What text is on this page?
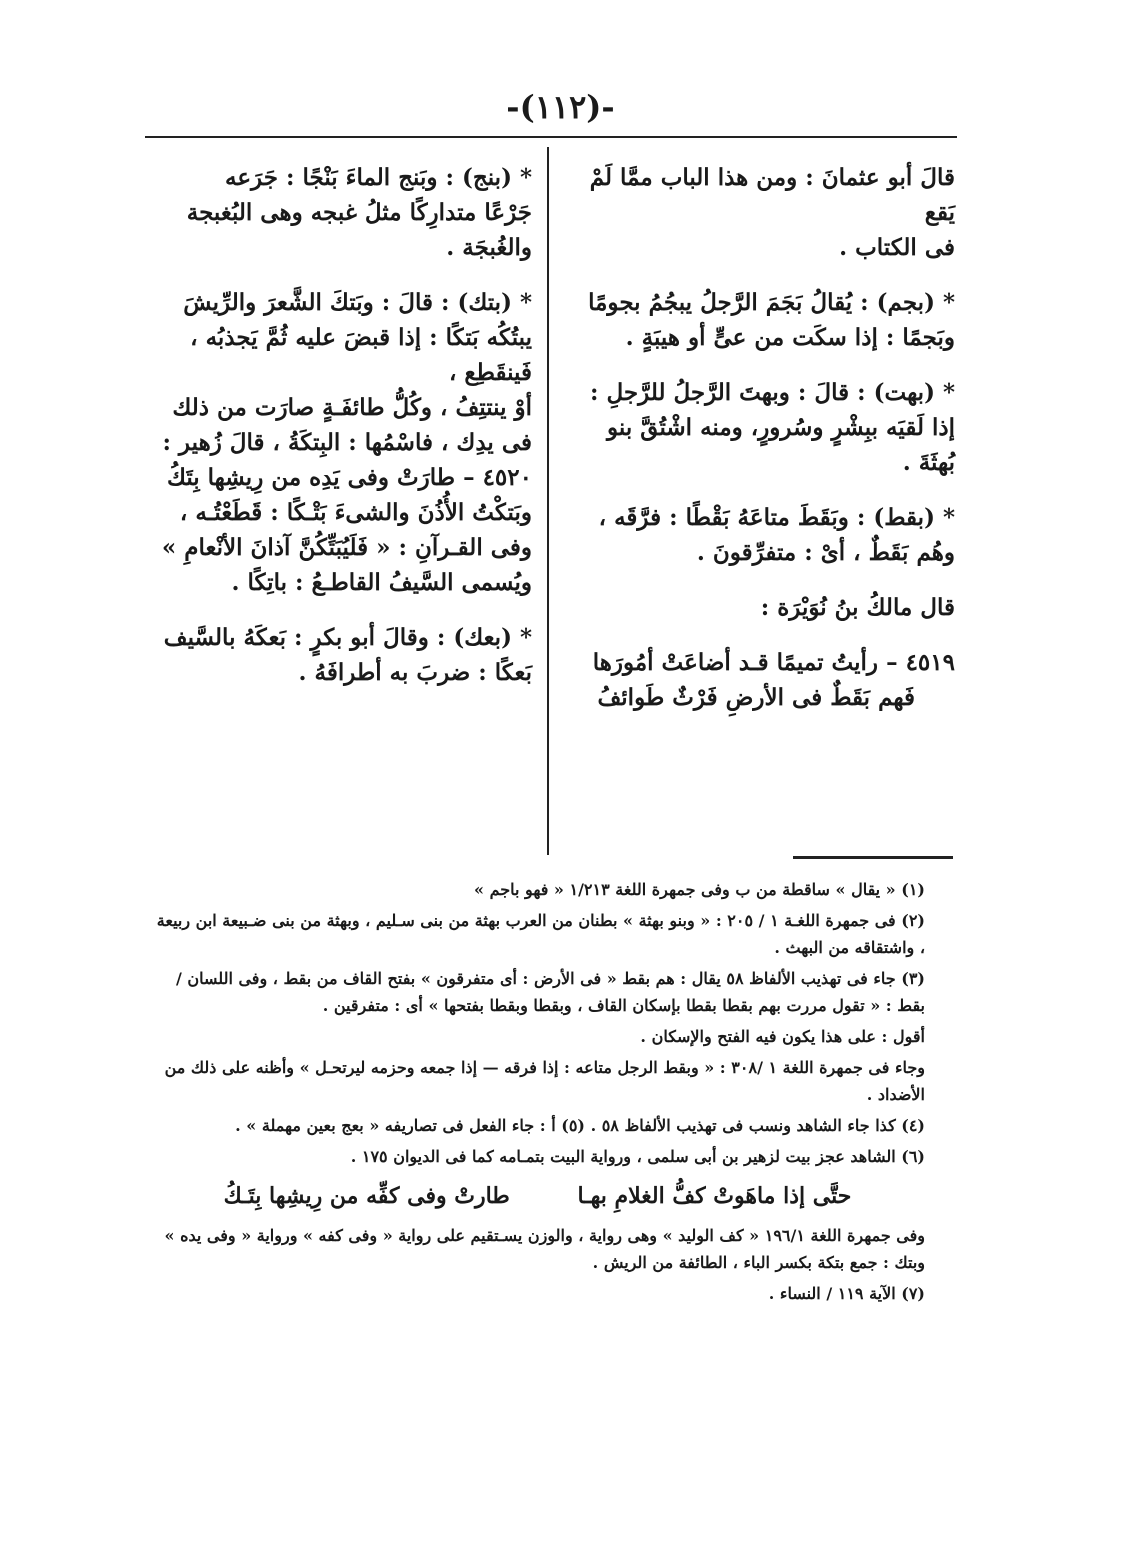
-(١١٢)-

قالَ أبو عثمانَ : ومن هذا الباب ممَّا لَمْ يَقع

فى الكتاب .

* (بجم) : يُقالُ بَجَمَ الرَّجلُ يبجُمُ بجومًا

وبَجمًا : إذا سكَت من عىٍّ أو هيبَةٍ .

* (بهت) : قالَ : وبهتَ الرَّجلُ للرَّجلِ :

إذا لَقيَه ببِشْرٍ وسُرورٍ، ومنه اشْتُقَّ بنو بُهثَةَ .

* (بقط) : وبَقَطَ متاعَهُ بَقْطًا : فرَّقَه ،

وهُم بَقَطٌ ، أىْ : متفرِّقونَ .

قال مالكُ بنُ نُوَيْرَة :

٤٥١٩ – رأيتُ تميمًا قـد أضاعَتْ أمُورَها

فَهم بَقَطٌ فى الأرضِ فَرْثٌ طَوائفُ

* (بنج) : وبَنج الماءَ بَنْجًا : جَرَعه

جَرْعًا متدارِكًا مثلُ غبجه وهى البُغبجة والغُبجَة .

* (بتك) : قالَ : وبَتكَ الشَّعرَ والرِّيشَ

يبتُكُه بَتكًا : إذا قبضَ عليه ثُمَّ يَجذبُه ، فَينقَطِع ،

أوْ ينتتِفُ ، وكُلُّ طائفَـةٍ صارَت من ذلك

فى يدِك ، فاسْمُها : البِتكَةُ ، قالَ زُهير :

٤٥٢٠ – طارَتْ وفى يَدِه من رِيشِها بِتَكُ

وبَتكْتُ الأُذُنَ والشىءَ بَتْـكًا : قَطَعْتُـه ،

وفى القـرآنِ : « فَلَيُبَتِّكُنَّ آذانَ الأنْعامِ »

ويُسمى السَّيفُ القاطـعُ : باتِكًا .

* (بعك) : وقالَ أبو بكرٍ : بَعكَهُ بالسَّيف

بَعكًا : ضربَ به أطرافَهُ .

(١) « يقال » ساقطة من ب وفى جمهرة اللغة ١/٢١٣ « فهو باجم »

(٢) فى جمهرة اللغـة ١ / ٢٠٥ : « وبنو بهثة » بطنان من العرب بهثة من بنى سـليم ، وبهثة من بنى ضـبيعة ابن ربيعة ، واشتقاقه من البهث .

(٣) جاء فى تهذيب الألفاظ ٥٨ يقال : هم بقط « فى الأرض : أى متفرقون » بفتح القاف من بقط ، وفى اللسان / بقط : « تقول مررت بهم بقطا بقطا بإسكان القاف ، وبقطا وبقطا بفتحها » أى : متفرقين .

أقول : على هذا يكون فيه الفتح والإسكان .

وجاء فى جمهرة اللغة ١ /٣٠٨ : « وبقط الرجل متاعه : إذا فرقه — إذا جمعه وحزمه ليرتحـل » وأظنه على ذلك من الأضداد .

(٤) كذا جاء الشاهد ونسب فى تهذيب الألفاظ ٥٨ . (٥) أ : جاء الفعل فى تصاريفه « بعج بعين مهملة » .

(٦) الشاهد عجز بيت لزهير بن أبى سلمى ، ورواية البيت بتمـامه كما فى الديوان ١٧٥ .

حتَّى إذا ماهَوتْ كفُّ الغلامِ بهـا طارتْ وفى كفِّه من رِيشِها بِتَـكُ

وفى جمهرة اللغة ١٩٦/١ « كف الوليد » وهى رواية ، والوزن يسـتقيم على رواية « وفى كفه » ورواية « وفى يده » وبتك : جمع بتكة بكسر الباء ، الطائفة من الريش .

(٧) الآية ١١٩ / النساء .
